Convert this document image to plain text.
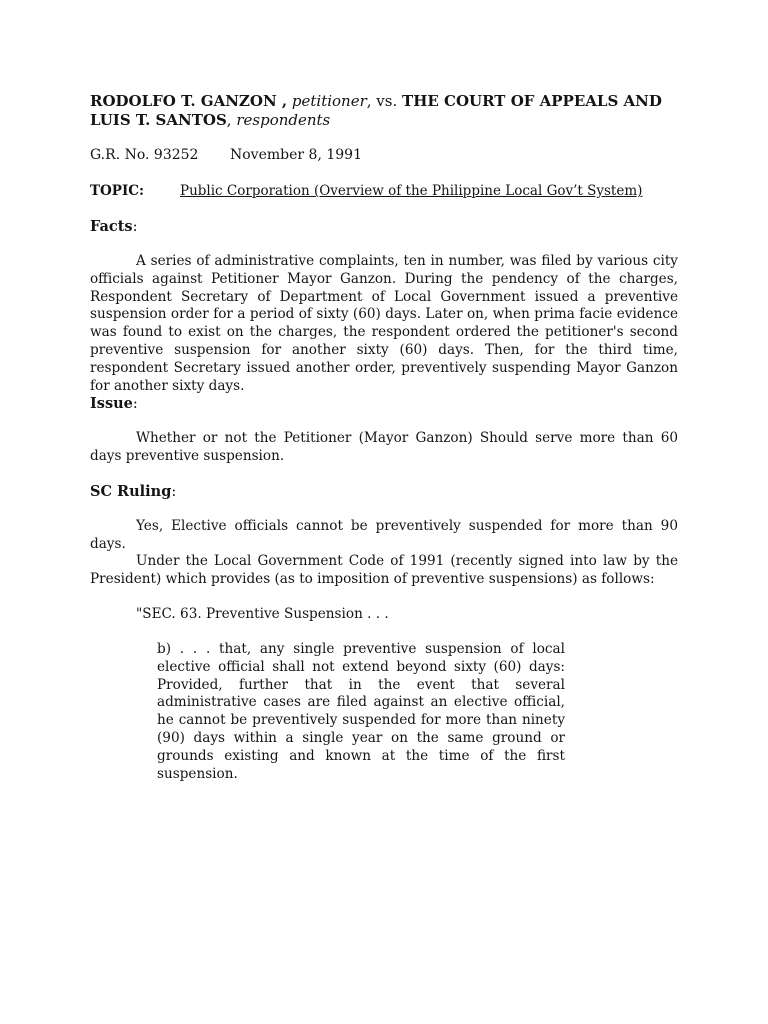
RODOLFO T. GANZON , petitioner, vs. THE COURT OF APPEALS AND LUIS T. SANTOS, respondents
G.R. No. 93252 November 8, 1991
TOPIC:	Public Corporation (Overview of the Philippine Local Gov’t System)
Facts:
A series of administrative complaints, ten in number, was filed by various city officials against Petitioner Mayor Ganzon. During the pendency of the charges, Respondent Secretary of Department of Local Government issued a preventive suspension order for a period of sixty (60) days. Later on, when prima facie evidence was found to exist on the charges, the respondent ordered the petitioner's second preventive suspension for another sixty (60) days. Then, for the third time, respondent Secretary issued another order, preventively suspending Mayor Ganzon for another sixty days.
Issue:
Whether or not the Petitioner (Mayor Ganzon) Should serve more than 60 days preventive suspension.
SC Ruling:
Yes, Elective officials cannot be preventively suspended for more than 90 days.
Under the Local Government Code of 1991 (recently signed into law by the President) which provides (as to imposition of preventive suspensions) as follows:
"SEC. 63. Preventive Suspension . . .
b) . . . that, any single preventive suspension of local elective official shall not extend beyond sixty (60) days: Provided, further that in the event that several administrative cases are filed against an elective official, he cannot be preventively suspended for more than ninety (90) days within a single year on the same ground or grounds existing and known at the time of the first suspension.
